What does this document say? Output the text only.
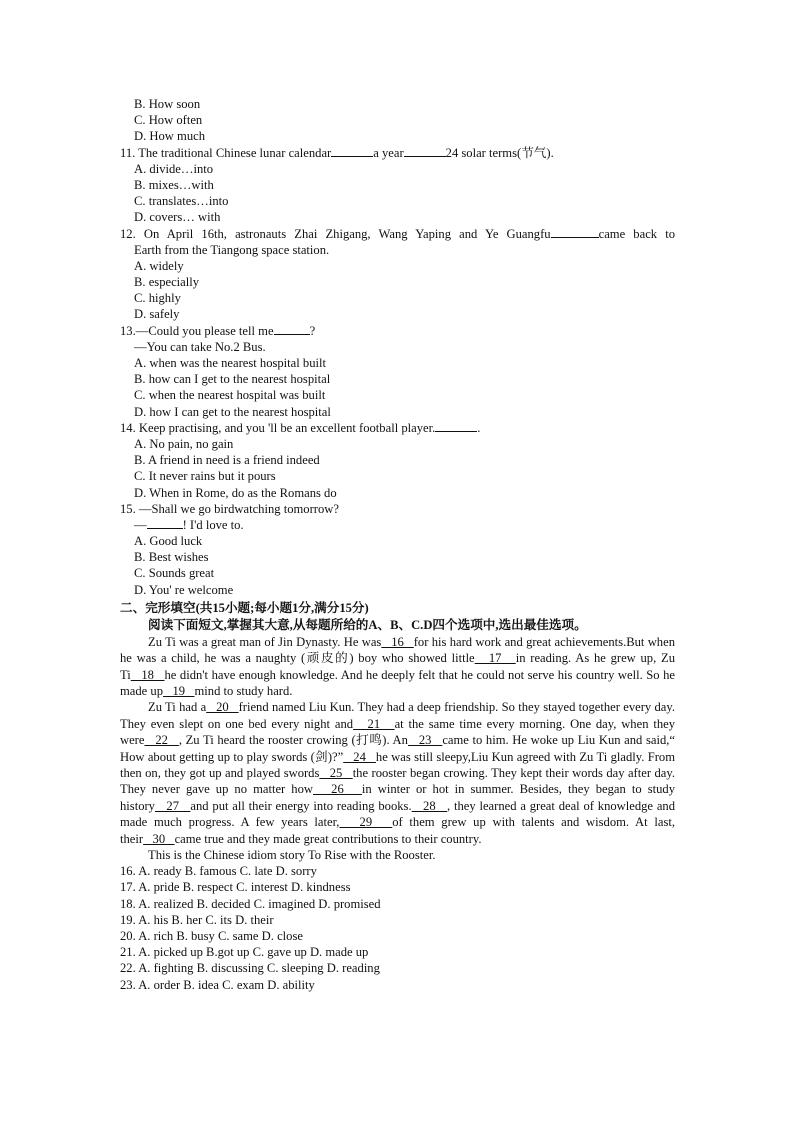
B. How soon
C. How often
D. How much
11. The traditional Chinese lunar calendar	a year	24 solar terms(节气).
A. divide…into
B. mixes…with
C. translates…into
D. covers… with
12. On April 16th, astronauts Zhai Zhigang, Wang Yaping and Ye Guangfu	came back to
Earth from the Tiangong space station.
A. widely
B. especially
C. highly
D. safely
13.—Could you please tell me	?
—You can take No.2 Bus.
A. when was the nearest hospital built
B. how can I get to the nearest hospital
C. when the nearest hospital was built
D. how I can get to the nearest hospital
14. Keep practising, and you 'll be an excellent football player.	.
A. No pain, no gain
B. A friend in need is a friend indeed
C. It never rains but it pours
D. When in Rome, do as the Romans do
15. —Shall we go birdwatching tomorrow?
—	! I'd love to.
A. Good luck
B. Best wishes
C. Sounds great
D. You' re welcome
二、完形填空(共15小题;每小题1分,满分15分)
阅读下面短文,掌握其大意,从每题所给的A、B、C.D四个选项中,选出最佳选项。
Zu Ti was a great man of Jin Dynasty. He was   16   for his hard work and great achievements.But when he was a child, he was a naughty (顽皮的) boy who showed little   17   in reading. As he grew up, Zu Ti   18   he didn't have enough knowledge. And he deeply felt that he could not serve his country well. So he made up   19   mind to study hard.
Zu Ti had a   20   friend named Liu Kun. They had a deep friendship. So they stayed together every day. They even slept on one bed every night and   21   at the same time every morning. One day, when they were   22   , Zu Ti heard the rooster crowing (打鸣). An   23   came to him. He woke up Liu Kun and said,“ How about getting up to play swords (剑)?”   24   he was still sleepy,Liu Kun agreed with Zu Ti gladly. From then on, they got up and played swords   25   the rooster began crowing. They kept their words day after day. They never gave up no matter how   26   in winter or hot in summer. Besides, they began to study history   27   and put all their energy into reading books.   28   , they learned a great deal of knowledge and made much progress. A few years later,   29   of them grew up with talents and wisdom. At last, their   30   came true and they made great contributions to their country.
This is the Chinese idiom story To Rise with the Rooster.
16. A. ready B. famous C. late D. sorry
17. A. pride B. respect C. interest D. kindness
18. A. realized B. decided C. imagined D. promised
19. A. his B. her C. its D. their
20. A. rich B. busy C. same D. close
21. A. picked up B.got up C. gave up D. made up
22. A. fighting B. discussing C. sleeping D. reading
23. A. order B. idea C. exam D. ability
